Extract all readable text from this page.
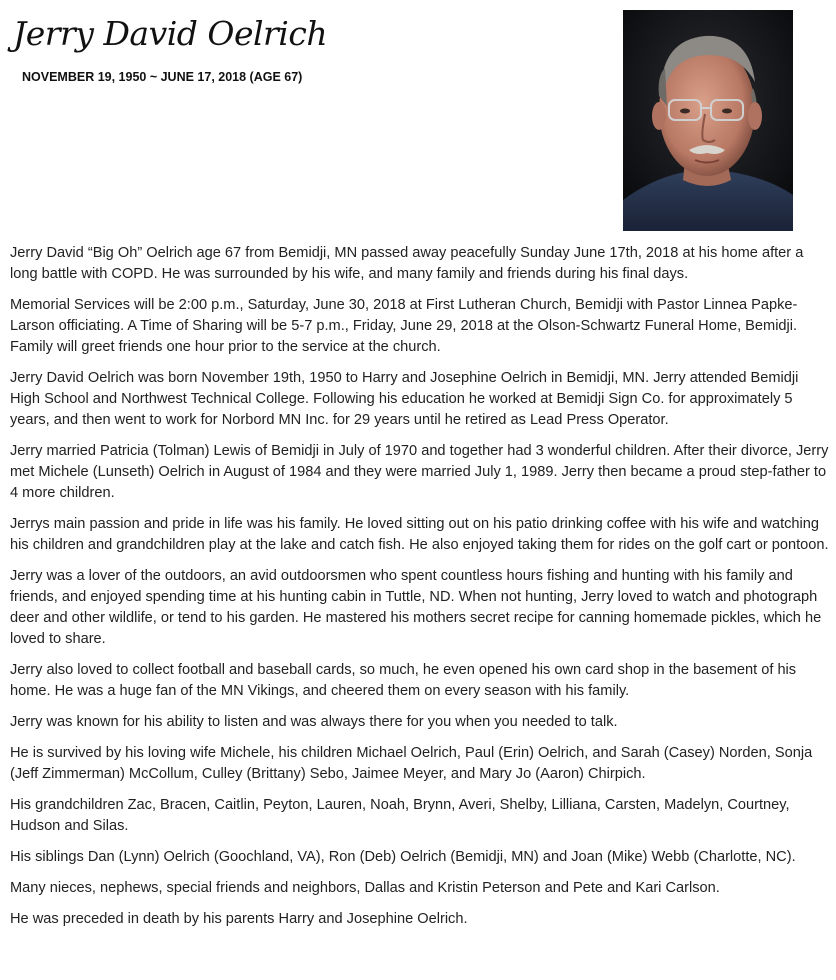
Jerry David Oelrich
NOVEMBER 19, 1950 ~ JUNE 17, 2018 (AGE 67)

Jerry David “Big Oh” Oelrich age 67 from Bemidji, MN passed away peacefully Sunday June 17th, 2018 at his home after a long battle with COPD. He was surrounded by his wife, and many family and friends during his final days.

Memorial Services will be 2:00 p.m., Saturday, June 30, 2018 at First Lutheran Church, Bemidji with Pastor Linnea Papke-Larson officiating. A Time of Sharing will be 5-7 p.m., Friday, June 29, 2018 at the Olson-Schwartz Funeral Home, Bemidji. Family will greet friends one hour prior to the service at the church.

Jerry David Oelrich was born November 19th, 1950 to Harry and Josephine Oelrich in Bemidji, MN. Jerry attended Bemidji High School and Northwest Technical College. Following his education he worked at Bemidji Sign Co. for approximately 5 years, and then went to work for Norbord MN Inc. for 29 years until he retired as Lead Press Operator.

Jerry married Patricia (Tolman) Lewis of Bemidji in July of 1970 and together had 3 wonderful children. After their divorce, Jerry met Michele (Lunseth) Oelrich in August of 1984 and they were married July 1, 1989. Jerry then became a proud step-father to 4 more children.

Jerrys main passion and pride in life was his family. He loved sitting out on his patio drinking coffee with his wife and watching his children and grandchildren play at the lake and catch fish. He also enjoyed taking them for rides on the golf cart or pontoon.

Jerry was a lover of the outdoors, an avid outdoorsmen who spent countless hours fishing and hunting with his family and friends, and enjoyed spending time at his hunting cabin in Tuttle, ND. When not hunting, Jerry loved to watch and photograph deer and other wildlife, or tend to his garden. He mastered his mothers secret recipe for canning homemade pickles, which he loved to share.

Jerry also loved to collect football and baseball cards, so much, he even opened his own card shop in the basement of his home. He was a huge fan of the MN Vikings, and cheered them on every season with his family.

Jerry was known for his ability to listen and was always there for you when you needed to talk.

He is survived by his loving wife Michele, his children Michael Oelrich, Paul (Erin) Oelrich, and Sarah (Casey) Norden, Sonja (Jeff Zimmerman) McCollum, Culley (Brittany) Sebo, Jaimee Meyer, and Mary Jo (Aaron) Chirpich.

His grandchildren Zac, Bracen, Caitlin, Peyton, Lauren, Noah, Brynn, Averi, Shelby, Lilliana, Carsten, Madelyn, Courtney, Hudson and Silas.

His siblings Dan (Lynn) Oelrich (Goochland, VA), Ron (Deb) Oelrich (Bemidji, MN) and Joan (Mike) Webb (Charlotte, NC).

Many nieces, nephews, special friends and neighbors, Dallas and Kristin Peterson and Pete and Kari Carlson.

He was preceded in death by his parents Harry and Josephine Oelrich.
